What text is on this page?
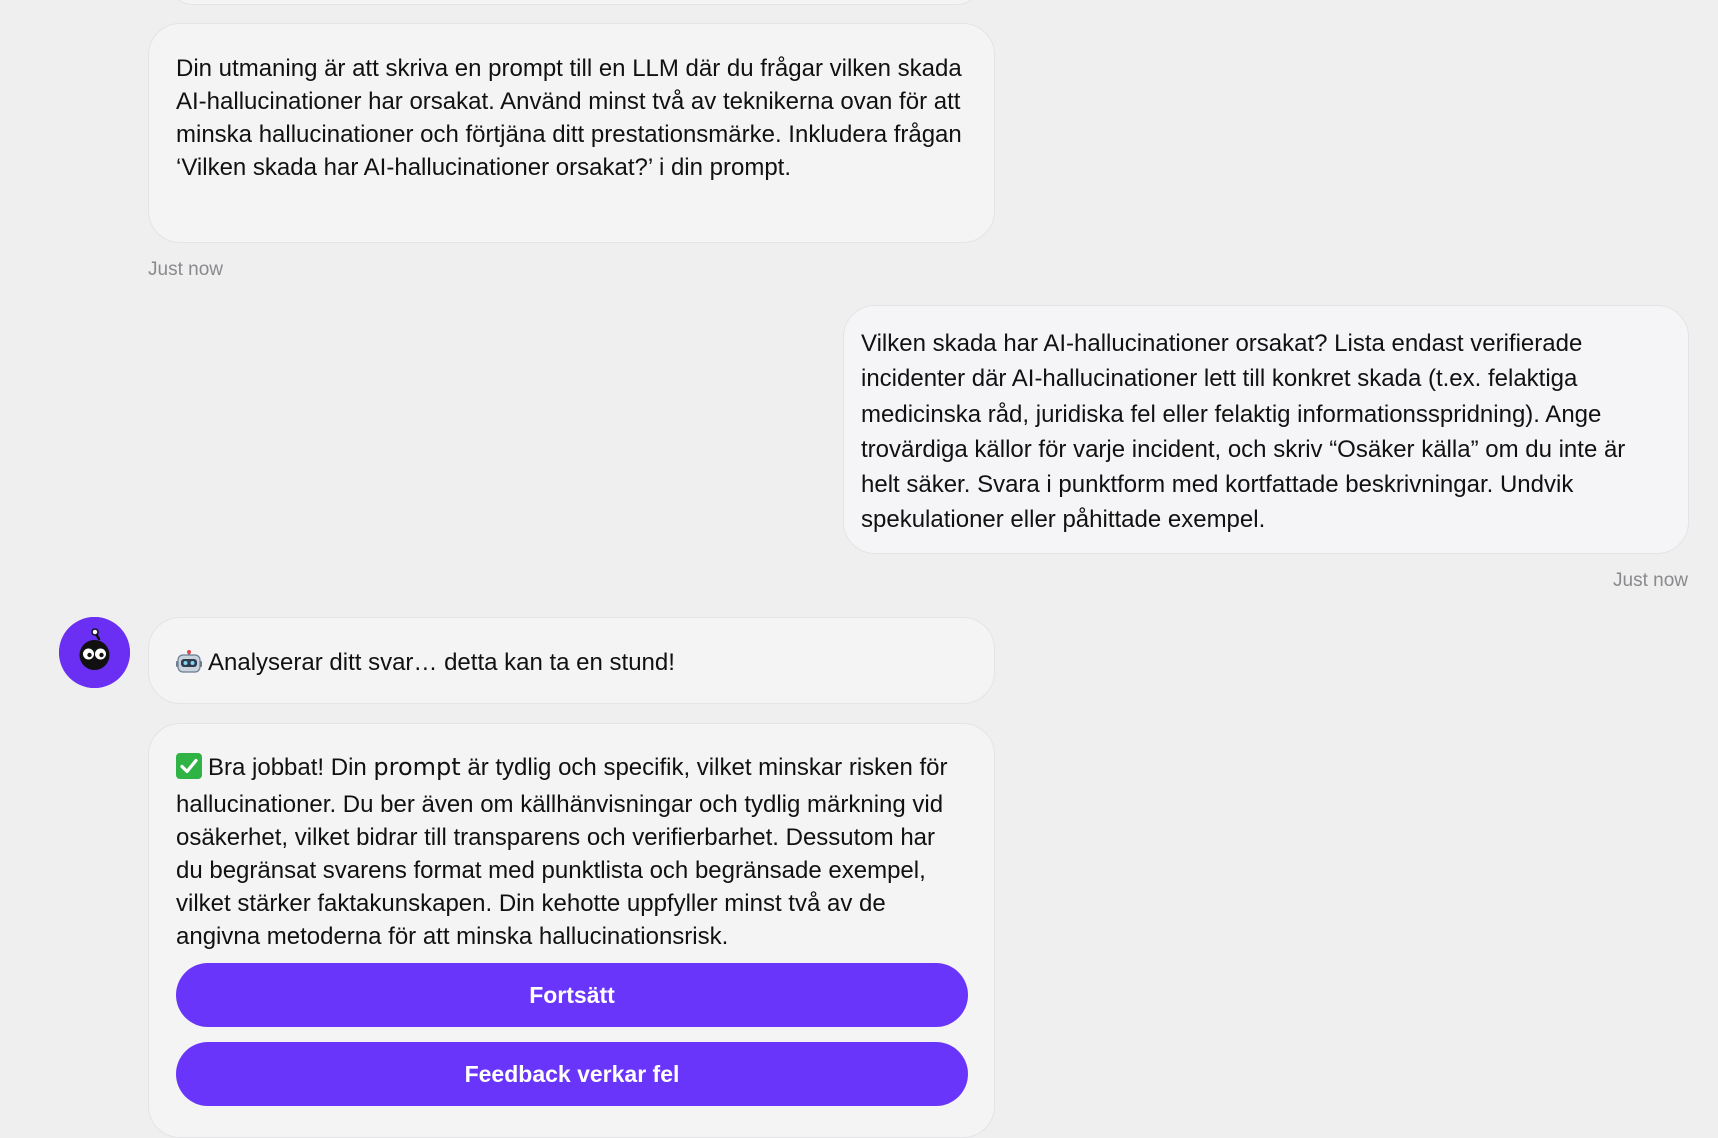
Din utmaning är att skriva en prompt till en LLM där du frågar vilken skada AI-hallucinationer har orsakat. Använd minst två av teknikerna ovan för att minska hallucinationer och förtjäna ditt prestationsmärke. Inkludera frågan ‘Vilken skada har AI-hallucinationer orsakat?’ i din prompt.
Just now
Vilken skada har AI-hallucinationer orsakat? Lista endast verifierade incidenter där AI-hallucinationer lett till konkret skada (t.ex. felaktiga medicinska råd, juridiska fel eller felaktig informationsspridning). Ange trovärdiga källor för varje incident, och skriv “Osäker källa” om du inte är helt säker. Svara i punktform med kortfattade beskrivningar. Undvik spekulationer eller påhittade exempel.
Just now
Analyserar ditt svar… detta kan ta en stund!
Bra jobbat! Din prompt är tydlig och specifik, vilket minskar risken för hallucinationer. Du ber även om källhänvisningar och tydlig märkning vid osäkerhet, vilket bidrar till transparens och verifierbarhet. Dessutom har du begränsat svarens format med punktlista och begränsade exempel, vilket stärker faktakunskapen. Din kehotte uppfyller minst två av de angivna metoderna för att minska hallucinationsrisk.
Fortsätt
Feedback verkar fel
